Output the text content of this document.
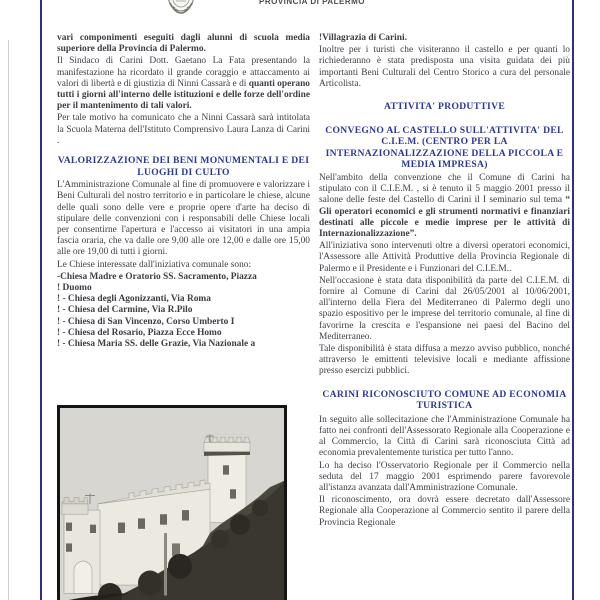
PROVINCIA DI PALERMO

vari componimenti eseguiti dagli alunni di scuola media superiore della Provincia di Palermo.

Il Sindaco di Carini Dott. Gaetano La Fata presentando la manifestazione ha ricordato il grande coraggio e attaccamento ai valori di libertà e di giustizia di Ninni Cassarà e di quanti operano tutti i giorni all'interno delle istituzioni e delle forze dell'ordine per il mantenimento di tali valori.

Per tale motivo ha comunicato che a Ninni Cassarà sarà intitolata la Scuola Materna dell'Istituto Comprensivo Laura Lanza di Carini .

VALORIZZAZIONE DEI BENI MONUMENTALI E DEI LUOGHI DI CULTO

L'Amministrazione Comunale al fine di promuovere e valorizzare i Beni Culturali del nostro territorio e in particolare le chiese, alcune delle quali sono delle vere e proprie opere d'arte ha deciso di stipulare delle convenzioni con i responsabili delle Chiese locali per consentirne l'apertura e l'accesso ai visitatori in una ampia fascia oraria, che va dalle ore 9,00 alle ore 12,00 e dalle ore 15,00 alle ore 19,00 di tutti i giorni.

Le Chiese interessate dall'iniziativa comunale sono:

-Chiesa Madre e Oratorio SS. Sacramento, Piazza
! Duomo
! - Chiesa degli Agonizzanti, Via Roma
! - Chiesa del Carmine, Via R.Pilo
! - Chiesa di San Vincenzo, Corso Umberto I
! - Chiesa del Rosario, Piazza Ecce Homo
! - Chiesa Maria SS. delle Grazie, Via Nazionale a

!Villagrazia di Carini.

Inoltre per i turisti che visiteranno il castello e per quanti lo richiederanno è stata predisposta una visita guidata dei più importanti Beni Culturali del Centro Storico a cura del personale Articolista.

ATTIVITA' PRODUTTIVE
CONVEGNO AL CASTELLO SULL'ATTIVITA' DEL C.I.E.M. (CENTRO PER LA INTERNAZIONALIZZAZIONE DELLA PICCOLA E MEDIA IMPRESA)

Nell'ambito della convenzione che il Comune di Carini ha stipulato con il C.I.E.M. , si è tenuto il 5 maggio 2001 presso il salone delle feste del Castello di Carini il I seminario sul tema “ Gli operatori economici e gli strumenti normativi e finanziari destinati alle piccole e medie imprese per le attività di Internazionalizzazione”.

All'iniziativa sono intervenuti oltre a diversi operatori economici, l'Assessore alle Attività Produttive della Provincia Regionale di Palermo e il Presidente e i Funzionari del C.I.E.M..

Nell'occasione è stata data disponibilità da parte del C.I.E.M. di fornire al Comune di Carini dal 26/05/2001 al 10/06/2001, all'interno della Fiera del Mediterraneo di Palermo degli uno spazio espositivo per le imprese del territorio comunale, al fine di favorirne la crescita e l'espansione nei paesi del Bacino del Mediterraneo.

Tale disponibilità è stata diffusa a mezzo avviso pubblico, nonché attraverso le emittenti televisive locali e mediante affissione presso esercizi pubblici.

CARINI RICONOSCIUTO COMUNE AD ECONOMIA TURISTICA

In seguito alle sollecitazione che l'Amministrazione Comunale ha fatto nei confronti dell'Assessorato Regionale alla Cooperazione e al Commercio, la Città di Carini sarà riconosciuta Città ad economia prevalentemente turistica per tutto l'anno.

Lo ha deciso l'Osservatorio Regionale per il Commercio nella seduta del 17 maggio 2001 esprimendo parere favorevole all'istanza avanzata dall'Amministrazione Comunale.

Il riconoscimento, ora dovrà essere decretato dall'Assessore Regionale alla Cooperazione al Commercio sentito il parere della Provincia Regionale
